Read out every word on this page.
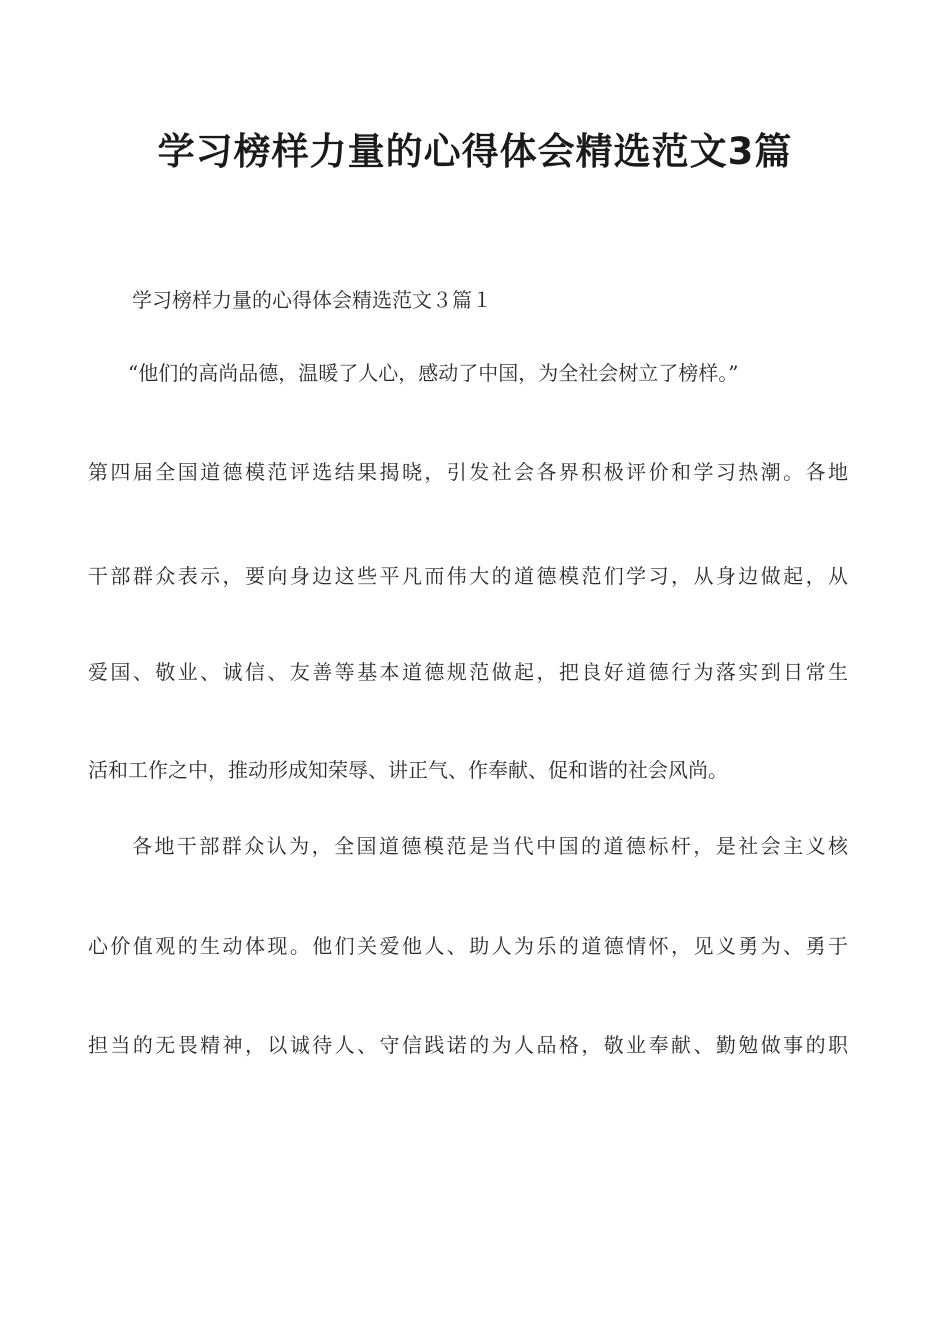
学习榜样力量的心得体会精选范文3篇

学习榜样力量的心得体会精选范文３篇１

“他们的高尚品德，温暖了人心，感动了中国，为全社会树立了榜样。”

第四届全国道德模范评选结果揭晓，引发社会各界积极评价和学习热潮。各地

干部群众表示，要向身边这些平凡而伟大的道德模范们学习，从身边做起，从

爱国、敬业、诚信、友善等基本道德规范做起，把良好道德行为落实到日常生

活和工作之中，推动形成知荣辱、讲正气、作奉献、促和谐的社会风尚。

各地干部群众认为，全国道德模范是当代中国的道德标杆，是社会主义核

心价值观的生动体现。他们关爱他人、助人为乐的道德情怀，见义勇为、勇于

担当的无畏精神，以诚待人、守信践诺的为人品格，敬业奉献、勤勉做事的职
